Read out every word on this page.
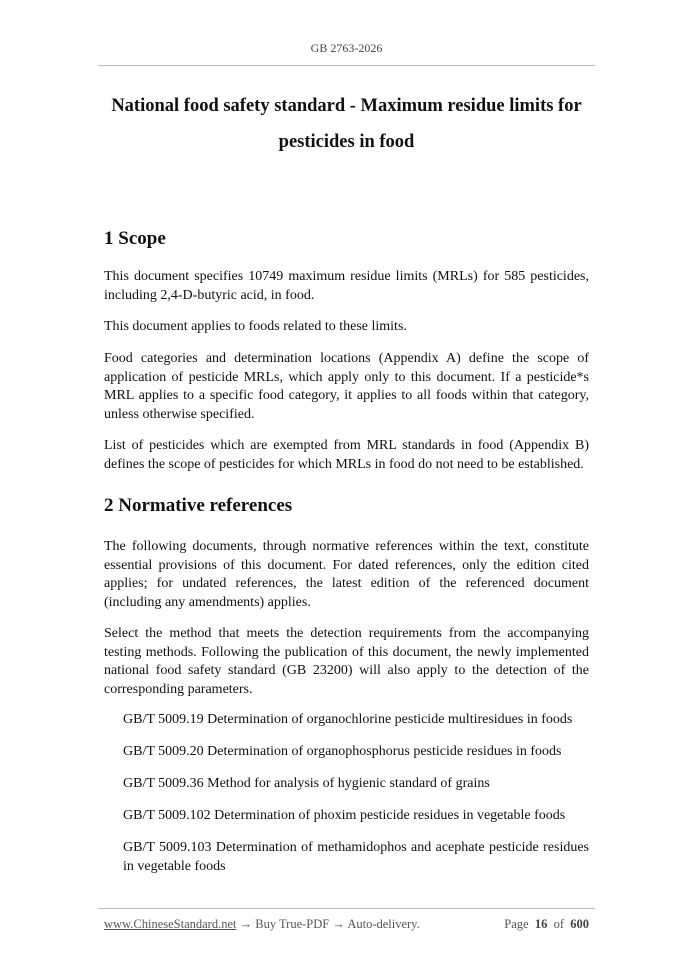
GB 2763-2026
National food safety standard - Maximum residue limits for
pesticides in food
1 Scope

This document specifies 10749 maximum residue limits (MRLs) for 585 pesticides, including 2,4-D-butyric acid, in food.

This document applies to foods related to these limits.

Food categories and determination locations (Appendix A) define the scope of application of pesticide MRLs, which apply only to this document. If a pesticide*s MRL applies to a specific food category, it applies to all foods within that category, unless otherwise specified.

List of pesticides which are exempted from MRL standards in food (Appendix B) defines the scope of pesticides for which MRLs in food do not need to be established.

2 Normative references

The following documents, through normative references within the text, constitute essential provisions of this document. For dated references, only the edition cited applies; for undated references, the latest edition of the referenced document (including any amendments) applies.

Select the method that meets the detection requirements from the accompanying testing methods. Following the publication of this document, the newly implemented national food safety standard (GB 23200) will also apply to the detection of the corresponding parameters.

GB/T 5009.19 Determination of organochlorine pesticide multiresidues in foods

GB/T 5009.20 Determination of organophosphorus pesticide residues in foods

GB/T 5009.36 Method for analysis of hygienic standard of grains

GB/T 5009.102 Determination of phoxim pesticide residues in vegetable foods

GB/T 5009.103 Determination of methamidophos and acephate pesticide residues in vegetable foods

www.ChineseStandard.net → Buy True-PDF → Auto-delivery.	Page 16 of 600
